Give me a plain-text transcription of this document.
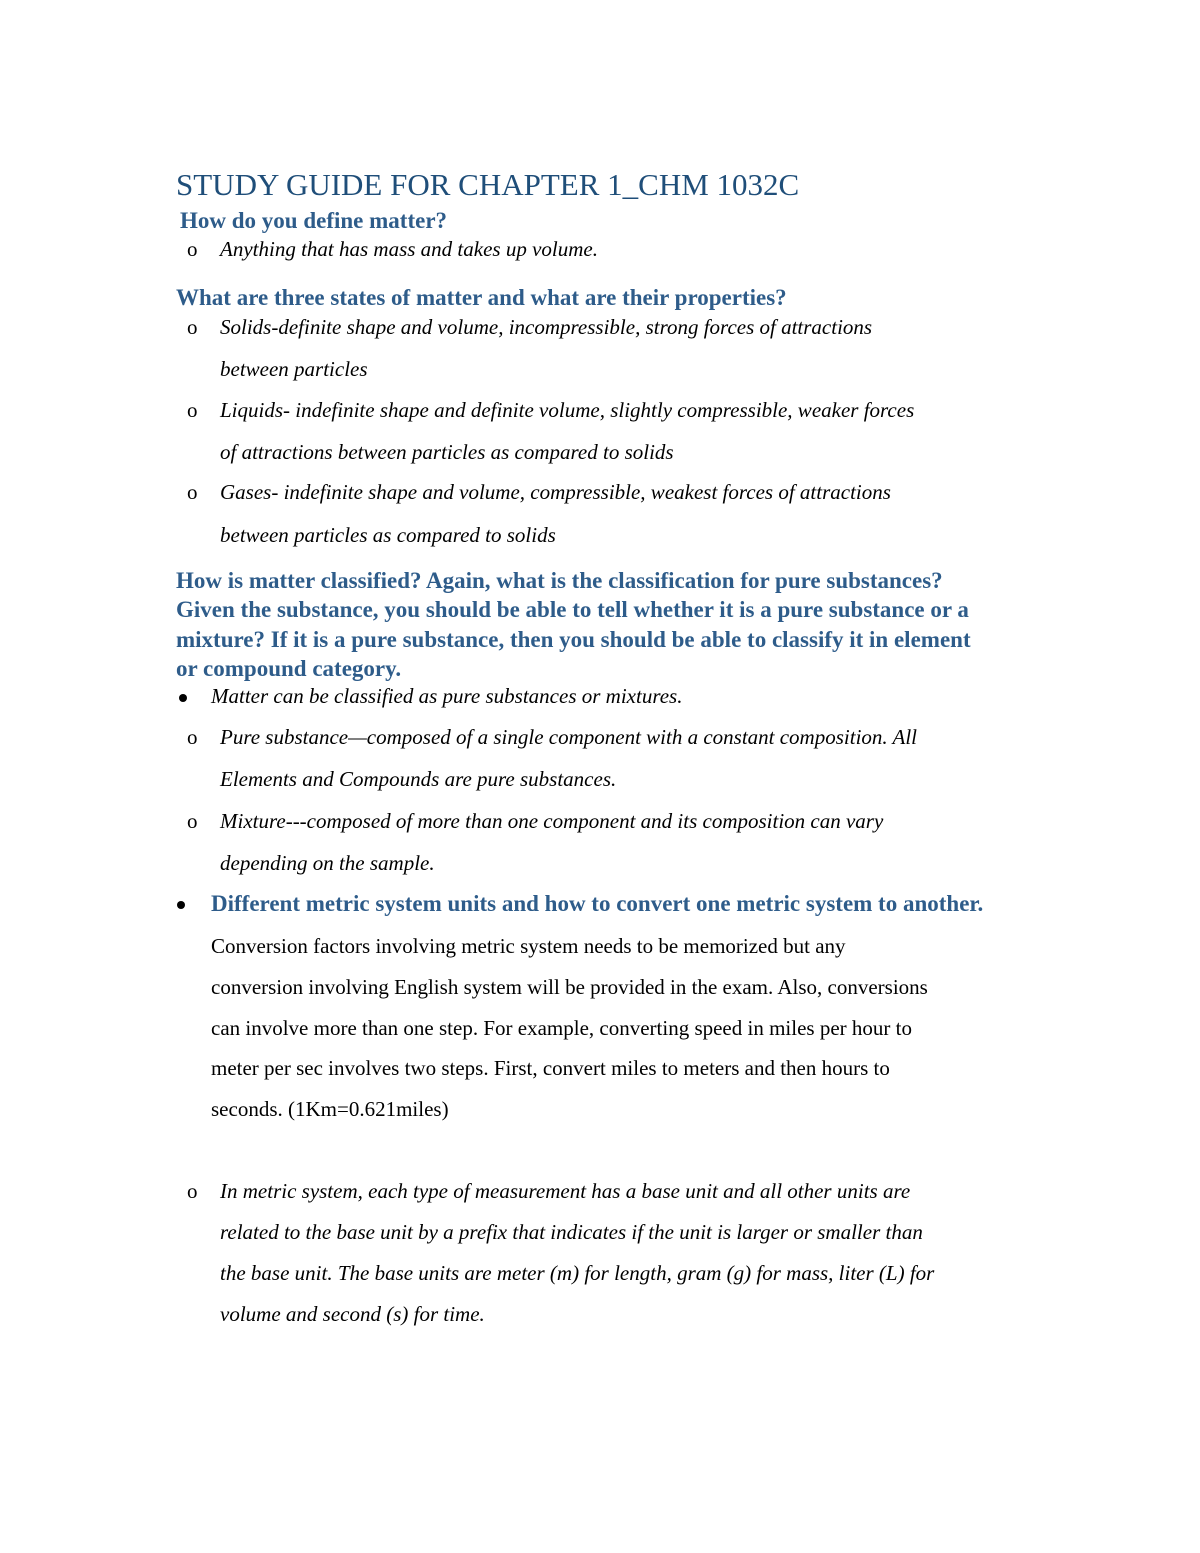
STUDY GUIDE FOR CHAPTER 1_CHM 1032C
How do you define matter?
o Anything that has mass and takes up volume.
What are three states of matter and what are their properties?
o Solids-definite shape and volume, incompressible, strong forces of attractions
between particles
o Liquids- indefinite shape and definite volume, slightly compressible, weaker forces
of attractions between particles as compared to solids
o Gases- indefinite shape and volume, compressible, weakest forces of attractions
between particles as compared to solids
How is matter classified? Again, what is the classification for pure substances?
Given the substance, you should be able to tell whether it is a pure substance or a
mixture? If it is a pure substance, then you should be able to classify it in element
or compound category.
Matter can be classified as pure substances or mixtures.
o Pure substance—composed of a single component with a constant composition. All
Elements and Compounds are pure substances.
o Mixture---composed of more than one component and its composition can vary
depending on the sample.
Different metric system units and how to convert one metric system to another.
Conversion factors involving metric system needs to be memorized but any
conversion involving English system will be provided in the exam. Also, conversions
can involve more than one step. For example, converting speed in miles per hour to
meter per sec involves two steps. First, convert miles to meters and then hours to
seconds. (1Km=0.621miles)
o In metric system, each type of measurement has a base unit and all other units are
related to the base unit by a prefix that indicates if the unit is larger or smaller than
the base unit. The base units are meter (m) for length, gram (g) for mass, liter (L) for
volume and second (s) for time.
